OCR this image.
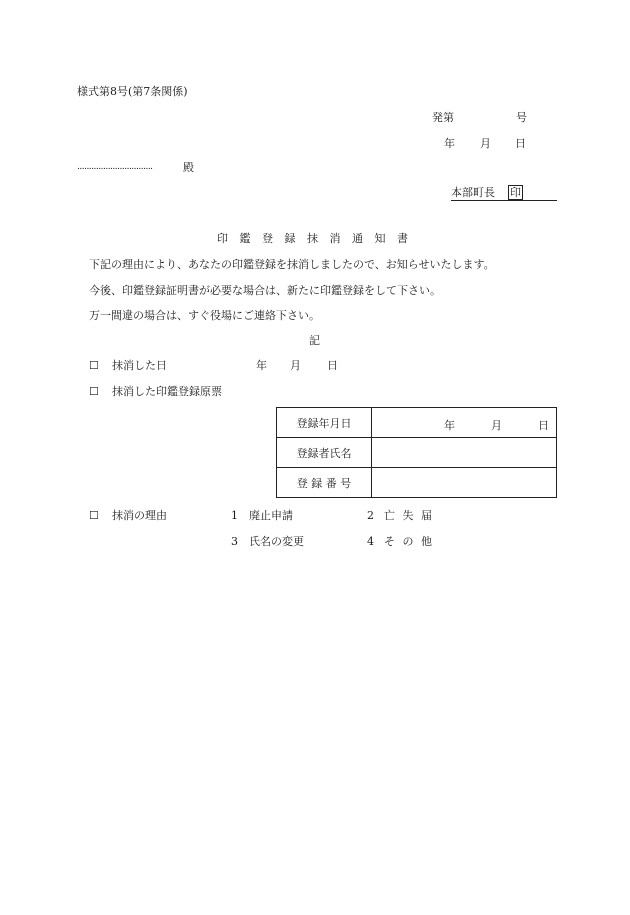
様式第8号(第7条関係)
発第	号
年 月 日
................................	殿
本部町長 印
印 鑑 登 録 抹 消 通 知 書
下記の理由により、あなたの印鑑登録を抹消しましたので、お知らせいたします。
今後、印鑑登録証明書が必要な場合は、新たに印鑑登録をして下さい。
万一間違の場合は、すぐ役場にご連絡下さい。
記
☐ 抹消した日	年 月 日
☐ 抹消した印鑑登録原票
登録年月日	年 月 日

登録者氏名	
登 録 番 号	
☐ 抹消の理由	1 廃止申請	2 亡 失 届
3 氏名の変更	4 そ の 他
